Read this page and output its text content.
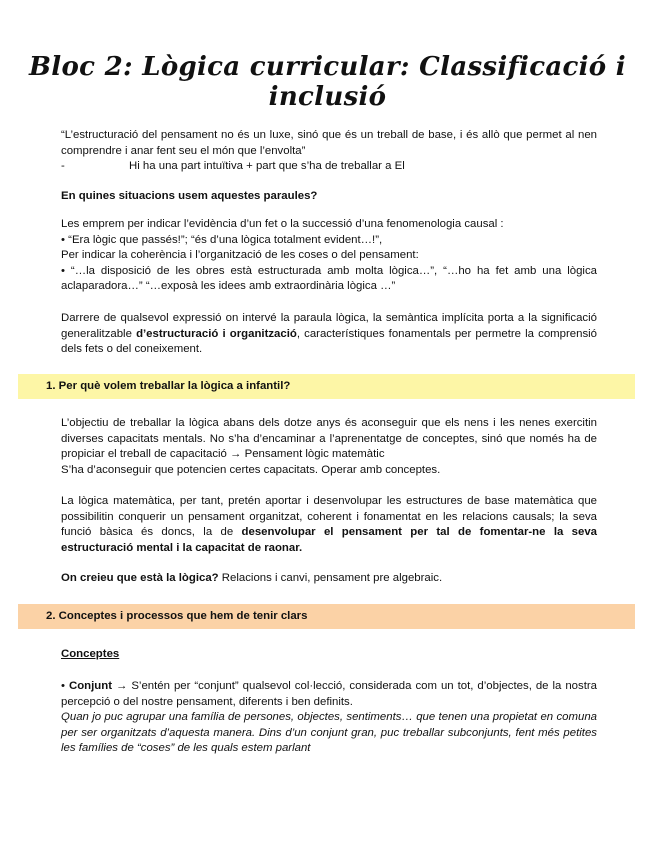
Bloc 2: Lògica curricular: Classificació i inclusió

“L’estructuració del pensament no és un luxe, sinó que és un treball de base, i és allò que permet al nen comprendre i anar fent seu el món que l’envolta”

-	Hi ha una part intuïtiva + part que s’ha de treballar a El

En quines situacions usem aquestes paraules?

Les emprem per indicar l’evidència d’un fet o la successió d’una fenomenologia causal :

• “Era lògic que passés!”; “és d’una lògica totalment evident…!”,

Per indicar la coherència i l’organització de les coses o del pensament:

• “…la disposició de les obres està estructurada amb molta lògica…”, “…ho ha fet amb una lògica aclaparadora…” “…exposà les idees amb extraordinària lògica …”

Darrere de qualsevol expressió on intervé la paraula lògica, la semàntica implícita porta a la significació generalitzable d’estructuració i organització, característiques fonamentals per permetre la comprensió dels fets o del coneixement.

1. Per què volem treballar la lògica a infantil?

L’objectiu de treballar la lògica abans dels dotze anys és aconseguir que els nens i les nenes exercitin diverses capacitats mentals. No s’ha d’encaminar a l’aprenentatge de conceptes, sinó que només ha de propiciar el treball de capacitació → Pensament lògic matemàtic

S’ha d’aconseguir que potencien certes capacitats. Operar amb conceptes.

La lògica matemàtica, per tant, pretén aportar i desenvolupar les estructures de base matemàtica que possibilitin conquerir un pensament organitzat, coherent i fonamentat en les relacions causals; la seva funció bàsica és doncs, la de desenvolupar el pensament per tal de fomentar-ne la seva estructuració mental i la capacitat de raonar.

On creieu que està la lògica? Relacions i canvi, pensament pre algebraic.

2. Conceptes i processos que hem de tenir clars

Conceptes

• Conjunt → S’entén per “conjunt” qualsevol col·lecció, considerada com un tot, d’objectes, de la nostra percepció o del nostre pensament, diferents i ben definits.

Quan jo puc agrupar una família de persones, objectes, sentiments… que tenen una propietat en comuna per ser organitzats d’aquesta manera. Dins d’un conjunt gran, puc treballar subconjunts, fent més petites les famílies de “coses” de les quals estem parlant
